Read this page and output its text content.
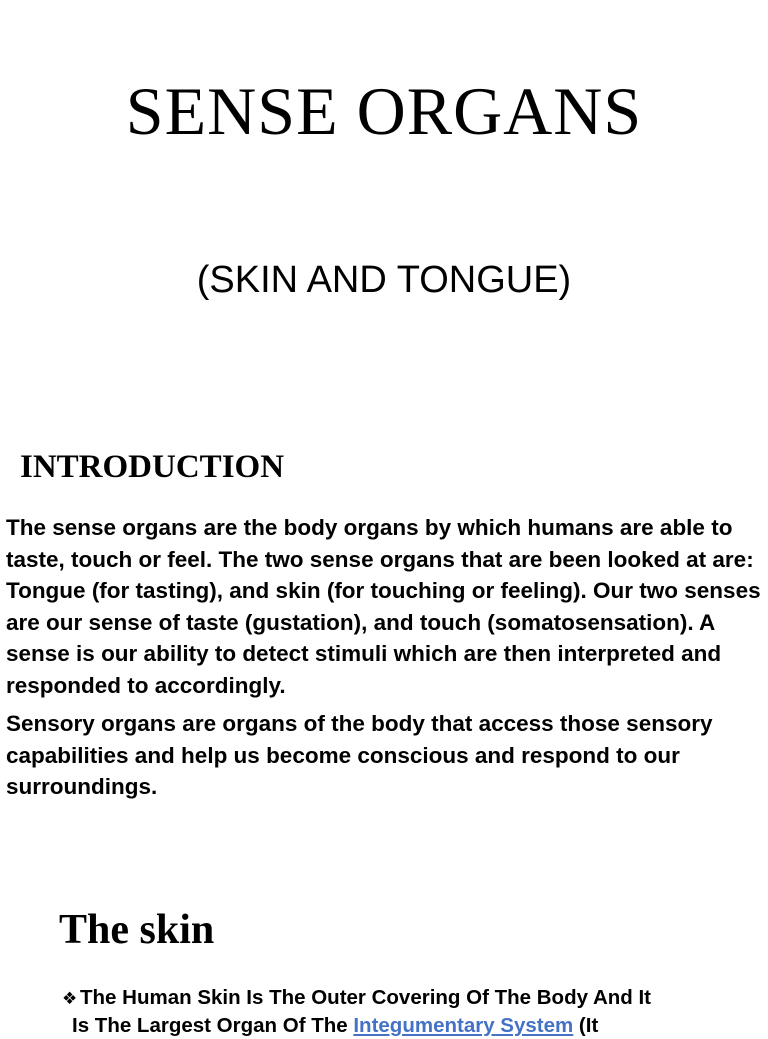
SENSE ORGANS
(SKIN AND TONGUE)
INTRODUCTION

The sense organs are the body organs by which humans are able to taste, touch or feel. The two sense organs that are been looked at are: Tongue (for tasting), and skin (for touching or feeling). Our two senses are our sense of taste (gustation), and touch (somatosensation). A sense is our ability to detect stimuli which are then interpreted and responded to accordingly.

Sensory organs are organs of the body that access those sensory capabilities and help us become conscious and respond to our surroundings.

The skin
❖ The Human Skin Is The Outer Covering Of The Body And It
Is The Largest Organ Of The Integumentary System (It
